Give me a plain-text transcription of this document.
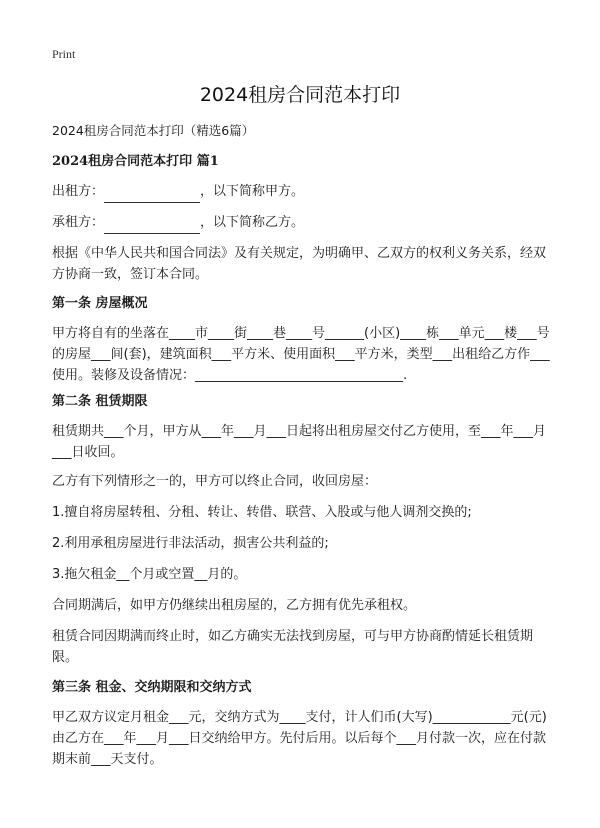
Print
2024租房合同范本打印
2024租房合同范本打印（精选6篇）
2024租房合同范本打印 篇1
出租方：	，以下简称甲方。
承租方：	，以下简称乙方。
根据《中华人民共和国合同法》及有关规定，为明确甲、乙双方的权利义务关系，经双方协商一致，签订本合同。
第一条 房屋概况
甲方将自有的坐落在____市____街____巷____号______(小区)____栋___单元___楼___号的房屋___间(套)，建筑面积___平方米、使用面积___平方米，类型___出租给乙方作___使用。装修及设备情况：________________________________.
第二条 租赁期限
租赁期共___个月，甲方从___年___月___日起将出租房屋交付乙方使用，至___年___月___日收回。
乙方有下列情形之一的，甲方可以终止合同，收回房屋：
1.擅自将房屋转租、分租、转让、转借、联营、入股或与他人调剂交换的;
2.利用承租房屋进行非法活动，损害公共利益的;
3.拖欠租金__个月或空置__月的。
合同期满后，如甲方仍继续出租房屋的，乙方拥有优先承租权。
租赁合同因期满而终止时，如乙方确实无法找到房屋，可与甲方协商酌情延长租赁期限。
第三条 租金、交纳期限和交纳方式
甲乙双方议定月租金___元，交纳方式为____支付，计人们币(大写)____________元(元)由乙方在___年___月___日交纳给甲方。先付后用。以后每个___月付款一次，应在付款期末前___天支付。
